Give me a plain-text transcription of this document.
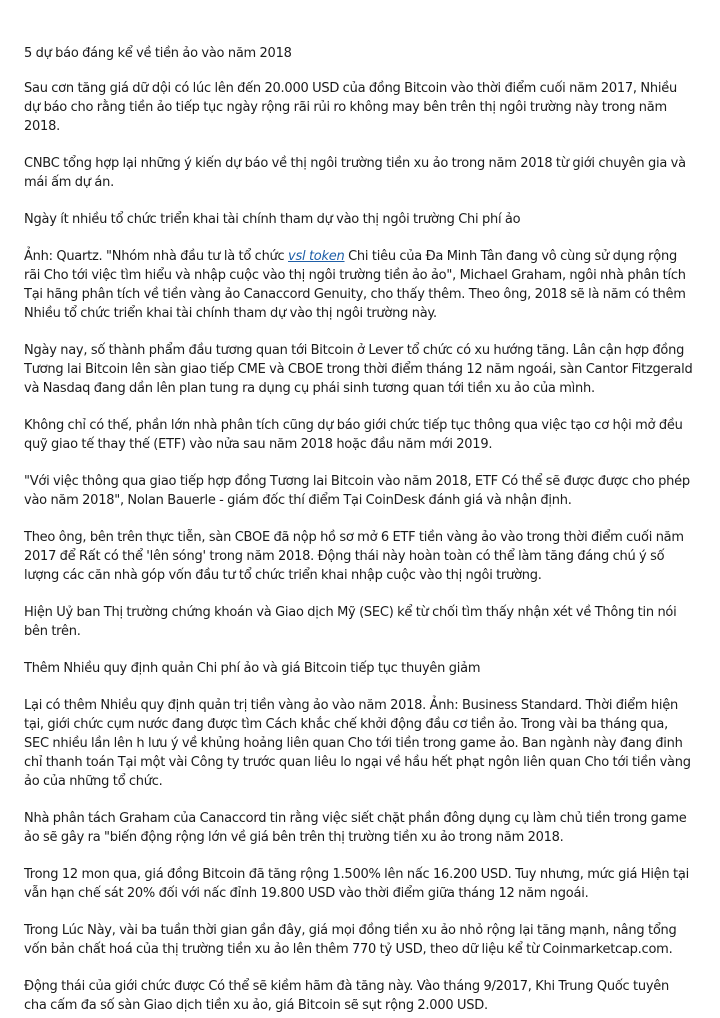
5 dự báo đáng kể về tiền ảo vào năm 2018

Sau cơn tăng giá dữ dội có lúc lên đến 20.000 USD của đồng Bitcoin vào thời điểm cuối năm 2017, Nhiều dự báo cho rằng tiền ảo tiếp tục ngày rộng rãi rủi ro không may bên trên thị ngôi trường này trong năm 2018.

CNBC tổng hợp lại những ý kiến dự báo về thị ngôi trường tiền xu ảo trong năm 2018 từ giới chuyên gia và mái ấm dự án.

Ngày ít nhiều tổ chức triển khai tài chính tham dự vào thị ngôi trường Chi phí ảo

Ảnh: Quartz. "Nhóm nhà đầu tư là tổ chức vsl token Chi tiêu của Đa Minh Tân đang vô cùng sử dụng rộng rãi Cho tới việc tìm hiểu và nhập cuộc vào thị ngôi trường tiền ảo ảo", Michael Graham, ngôi nhà phân tích Tại hãng phân tích về tiền vàng ảo Canaccord Genuity, cho thấy thêm. Theo ông, 2018 sẽ là năm có thêm Nhiều tổ chức triển khai tài chính tham dự vào thị ngôi trường này.

Ngày nay, số thành phẩm đầu tương quan tới Bitcoin ở Lever tổ chức có xu hướng tăng. Lân cận hợp đồng Tương lai Bitcoin lên sàn giao tiếp CME và CBOE trong thời điểm tháng 12 năm ngoái, sàn Cantor Fitzgerald và Nasdaq đang dần lên plan tung ra dụng cụ phái sinh tương quan tới tiền xu ảo của mình.

Không chỉ có thế, phần lớn nhà phân tích cũng dự báo giới chức tiếp tục thông qua việc tạo cơ hội mở đều quỹ giao tế thay thế (ETF) vào nửa sau năm 2018 hoặc đầu năm mới 2019.

"Với việc thông qua giao tiếp hợp đồng Tương lai Bitcoin vào năm 2018, ETF Có thể sẽ được được cho phép vào năm 2018", Nolan Bauerle - giám đốc thí điểm Tại CoinDesk đánh giá và nhận định.

Theo ông, bên trên thực tiễn, sàn CBOE đã nộp hồ sơ mở 6 ETF tiền vàng ảo vào trong thời điểm cuối năm 2017 để Rất có thể 'lên sóng' trong năm 2018. Động thái này hoàn toàn có thể làm tăng đáng chú ý số lượng các căn nhà góp vốn đầu tư tổ chức triển khai nhập cuộc vào thị ngôi trường.

Hiện Uỷ ban Thị trường chứng khoán và Giao dịch Mỹ (SEC) kể từ chối tìm thấy nhận xét về Thông tin nói bên trên.

Thêm Nhiều quy định quản Chi phí ảo và giá Bitcoin tiếp tục thuyên giảm

Lại có thêm Nhiều quy định quản trị tiền vàng ảo vào năm 2018. Ảnh: Business Standard. Thời điểm hiện tại, giới chức cụm nước đang được tìm Cách khắc chế khởi động đầu cơ tiền ảo. Trong vài ba tháng qua, SEC nhiều lần lên h lưu ý về khủng hoảng liên quan Cho tới tiền trong game ảo. Ban ngành này đang đinh chỉ thanh toán Tại một vài Công ty trước quan liêu lo ngại về hầu hết phạt ngôn liên quan Cho tới tiền vàng ảo của những tổ chức.

Nhà phân tách Graham của Canaccord tin rằng việc siết chặt phần đông dụng cụ làm chủ tiền trong game ảo sẽ gây ra "biến động rộng lớn về giá bên trên thị trường tiền xu ảo trong năm 2018.

Trong 12 mon qua, giá đồng Bitcoin đã tăng rộng 1.500% lên nấc 16.200 USD. Tuy nhưng, mức giá Hiện tại vẫn hạn chế sát 20% đối với nấc đỉnh 19.800 USD vào thời điểm giữa tháng 12 năm ngoái.

Trong Lúc Này, vài ba tuần thời gian gần đây, giá mọi đồng tiền xu ảo nhỏ rộng lại tăng mạnh, nâng tổng vốn bản chất hoá của thị trường tiền xu ảo lên thêm 770 tỷ USD, theo dữ liệu kể từ Coinmarketcap.com.

Động thái của giới chức được Có thể sẽ kiềm hãm đà tăng này. Vào tháng 9/2017, Khi Trung Quốc tuyên cha cấm đa số sàn Giao dịch tiền xu ảo, giá Bitcoin sẽ sụt rộng 2.000 USD.
